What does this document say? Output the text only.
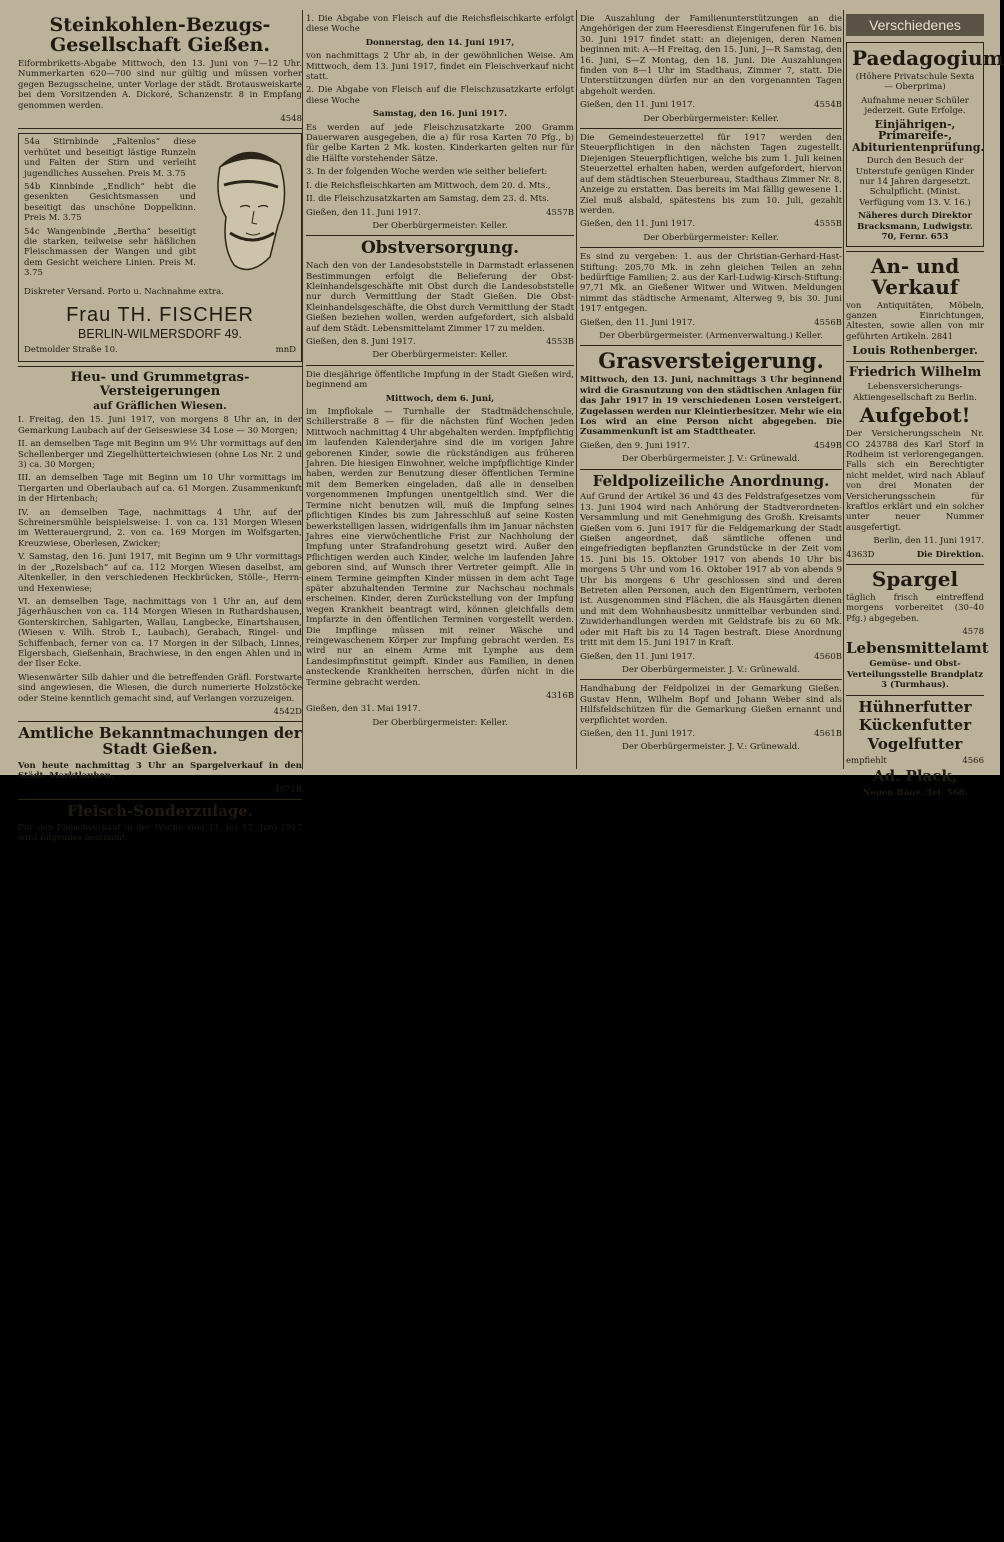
Steinkohlen-Bezugs-Gesellschaft Gießen.

Eiformbriketts-Abgabe Mittwoch, den 13. Juni von 7—12 Uhr. Nummerkarten 620—700 sind nur gültig und müssen vorher gegen Bezugsscheine, unter Vorlage der städt. Brotausweiskarte bei dem Vorsitzenden A. Dickoré, Schanzenstr. 8 in Empfang genommen werden.

4548

54a Stirnbinde „Faltenlos“ diese verhütet und beseitigt lästige Runzeln und Falten der Stirn und verleiht jugendliches Aussehen. Preis M. 3.75

54b Kinnbinde „Endlich“ hebt die gesenkten Gesichtsmassen und beseitigt das unschöne Doppelkinn. Preis M. 3.75

54c Wangenbinde „Bertha“ beseitigt die starken, teilweise sehr häßlichen Fleischmassen der Wangen und gibt dem Gesicht weichere Linien. Preis M. 3.75

Diskreter Versand. Porto u. Nachnahme extra.

Frau TH. FISCHER
BERLIN-WILMERSDORF 49.
Detmolder Straße 10.	mnD
Heu- und Grummetgras-Versteigerungen
auf Gräflichen Wiesen.

I. Freitag, den 15. Juni 1917, von morgens 8 Uhr an, in der Gemarkung Laubach auf der Geiseswiese 34 Lose — 30 Morgen;

II. an demselben Tage mit Beginn um 9½ Uhr vormittags auf den Schellenberger und Ziegelhütterteichwiesen (ohne Los Nr. 2 und 3) ca. 30 Morgen;

III. an demselben Tage mit Beginn um 10 Uhr vormittags im Tiergarten und Oberlaubach auf ca. 61 Morgen. Zusammenkunft in der Hirtenbach;

IV. an demselben Tage, nachmittags 4 Uhr, auf der Schreinersmühle beispielsweise: 1. von ca. 131 Morgen Wiesen im Wetterauergrund, 2. von ca. 169 Morgen im Wolfsgarten, Kreuzwiese, Oberlesen, Zwicker;

V. Samstag, den 16. Juni 1917, mit Beginn um 9 Uhr vormittags in der „Rozelsbach“ auf ca. 112 Morgen Wiesen daselbst, am Altenkeller, in den verschiedenen Heckbrücken, Stölle-, Herrn- und Hexenwiese;

VI. an demselben Tage, nachmittags von 1 Uhr an, auf dem Jägerhäuschen von ca. 114 Morgen Wiesen in Ruthardshausen, Gonterskirchen, Sahlgarten, Wallau, Langbecke, Einartshausen, (Wiesen v. Wilh. Strob I., Laubach), Gerabach, Ringel- und Schiffenbach, ferner von ca. 17 Morgen in der Silbach, Linnes, Elgersbach, Gießenhain, Brachwiese, in den engen Ahlen und in der Ilser Ecke.

Wiesenwärter Silb dahier und die betreffenden Gräfl. Forstwarte sind angewiesen, die Wiesen, die durch numerierte Holzstöcke oder Steine kenntlich gemacht sind, auf Verlangen vorzuzeigen.

4542D
Amtliche Bekanntmachungen der Stadt Gießen.

Von heute nachmittag 3 Uhr an Spargelverkauf in den Städt. Marktlauben.

4571B
Fleisch-Sonderzulage.

Für den Fleischverkauf in der Woche vom 11. bis 17. Juni 1917 wird folgendes bestimmt:

1. Die Abgabe von Fleisch auf die Reichsfleischkarte erfolgt diese Woche

Donnerstag, den 14. Juni 1917,

von nachmittags 2 Uhr ab, in der gewöhnlichen Weise. Am Mittwoch, dem 13. Juni 1917, findet ein Fleischverkauf nicht statt.

2. Die Abgabe von Fleisch auf die Fleischzusatzkarte erfolgt diese Woche

Samstag, den 16. Juni 1917.

Es werden auf jede Fleischzusatzkarte 200 Gramm Dauerwaren ausgegeben, die a) für rosa Karten 70 Pfg., b) für gelbe Karten 2 Mk. kosten. Kinderkarten gelten nur für die Hälfte vorstehender Sätze.

3. In der folgenden Woche werden wie seither beliefert:

I. die Reichsfleischkarten am Mittwoch, dem 20. d. Mts.,

II. die Fleischzusatzkarten am Samstag, dem 23. d. Mts.

Gießen, den 11. Juni 1917.	4557B
Der Oberbürgermeister: Keller.
Obstversorgung.

Nach den von der Landesobststelle in Darmstadt erlassenen Bestimmungen erfolgt die Belieferung der Obst-Kleinhandelsgeschäfte mit Obst durch die Landesobststelle nur durch Vermittlung der Stadt Gießen. Die Obst-Kleinhandelsgeschäfte, die Obst durch Vermittlung der Stadt Gießen beziehen wollen, werden aufgefordert, sich alsbald auf dem Städt. Lebensmittelamt Zimmer 17 zu melden.

Gießen, den 8. Juni 1917.	4553B
Der Oberbürgermeister: Keller.

Die diesjährige öffentliche Impfung in der Stadt Gießen wird, beginnend am

Mittwoch, dem 6. Juni,

im Impflokale — Turnhalle der Stadtmädchenschule, Schillerstraße 8 — für die nächsten fünf Wochen jeden Mittwoch nachmittag 4 Uhr abgehalten werden. Impfpflichtig im laufenden Kalenderjahre sind die im vorigen Jahre geborenen Kinder, sowie die rückständigen aus früheren Jahren. Die hiesigen Einwohner, welche impfpflichtige Kinder haben, werden zur Benutzung dieser öffentlichen Termine mit dem Bemerken eingeladen, daß alle in denselben vorgenommenen Impfungen unentgeltlich sind. Wer die Termine nicht benutzen will, muß die Impfung seines pflichtigen Kindes bis zum Jahresschluß auf seine Kosten bewerkstelligen lassen, widrigenfalls ihm im Januar nächsten Jahres eine vierwöchentliche Frist zur Nachholung der Impfung unter Strafandrohung gesetzt wird. Außer den Pflichtigen werden auch Kinder, welche im laufenden Jahre geboren sind, auf Wunsch ihrer Vertreter geimpft. Alle in einem Termine geimpften Kinder müssen in dem acht Tage später abzuhaltenden Termine zur Nachschau nochmals erscheinen. Kinder, deren Zurückstellung von der Impfung wegen Krankheit beantragt wird, können gleichfalls dem Impfarzte in den öffentlichen Terminen vorgestellt werden. Die Impflinge müssen mit reiner Wäsche und reingewaschenem Körper zur Impfung gebracht werden. Es wird nur an einem Arme mit Lymphe aus dem Landesimpfinstitut geimpft. Kinder aus Familien, in denen ansteckende Krankheiten herrschen, dürfen nicht in die Termine gebracht werden.

4316B
Gießen, den 31. Mai 1917.
Der Oberbürgermeister: Keller.

Die Auszahlung der Familienunterstützungen an die Angehörigen der zum Heeresdienst Eingerufenen für 16. bis 30. Juni 1917 findet statt: an diejenigen, deren Namen beginnen mit: A—H Freitag, den 15. Juni, J—R Samstag, den 16. Juni, S—Z Montag, den 18. Juni. Die Auszahlungen finden von 8—1 Uhr im Stadthaus, Zimmer 7, statt. Die Unterstützungen dürfen nur an den vorgenannten Tagen abgeholt werden.

Gießen, den 11. Juni 1917.	4554B
Der Oberbürgermeister: Keller.

Die Gemeindesteuerzettel für 1917 werden den Steuerpflichtigen in den nächsten Tagen zugestellt. Diejenigen Steuerpflichtigen, welche bis zum 1. Juli keinen Steuerzettel erhalten haben, werden aufgefordert, hiervon auf dem städtischen Steuerbureau, Stadthaus Zimmer Nr. 8, Anzeige zu erstatten. Das bereits im Mai fällig gewesene 1. Ziel muß alsbald, spätestens bis zum 10. Juli, gezahlt werden.

Gießen, den 11. Juni 1917.	4555B
Der Oberbürgermeister: Keller.

Es sind zu vergeben: 1. aus der Christian-Gerhard-Hast-Stiftung: 205,70 Mk. in zehn gleichen Teilen an zehn bedürftige Familien; 2. aus der Karl-Ludwig-Kirsch-Stiftung: 97,71 Mk. an Gießener Witwer und Witwen. Meldungen nimmt das städtische Armenamt, Alterweg 9, bis 30. Juni 1917 entgegen.

Gießen, den 11. Juni 1917.	4556B
Der Oberbürgermeister. (Armenverwaltung.) Keller.
Grasversteigerung.

Mittwoch, den 13. Juni, nachmittags 3 Uhr beginnend wird die Grasnutzung von den städtischen Anlagen für das Jahr 1917 in 19 verschiedenen Losen versteigert. Zugelassen werden nur Kleintierbesitzer. Mehr wie ein Los wird an eine Person nicht abgegeben. Die Zusammenkunft ist am Stadttheater.

Gießen, den 9. Juni 1917.	4549B
Der Oberbürgermeister. J. V.: Grünewald.
Feldpolizeiliche Anordnung.

Auf Grund der Artikel 36 und 43 des Feldstrafgesetzes vom 13. Juni 1904 wird nach Anhörung der Stadtverordneten-Versammlung und mit Genehmigung des Großh. Kreisamts Gießen vom 6. Juni 1917 für die Feldgemarkung der Stadt Gießen angeordnet, daß sämtliche offenen und eingefriedigten bepflanzten Grundstücke in der Zeit vom 15. Juni bis 15. Oktober 1917 von abends 10 Uhr bis morgens 5 Uhr und vom 16. Oktober 1917 ab von abends 9 Uhr bis morgens 6 Uhr geschlossen sind und deren Betreten allen Personen, auch den Eigentümern, verboten ist. Ausgenommen sind Flächen, die als Hausgärten dienen und mit dem Wohnhausbesitz unmittelbar verbunden sind. Zuwiderhandlungen werden mit Geldstrafe bis zu 60 Mk. oder mit Haft bis zu 14 Tagen bestraft. Diese Anordnung tritt mit dem 15. Juni 1917 in Kraft.

Gießen, den 11. Juni 1917.	4560B
Der Oberbürgermeister. J. V.: Grünewald.

Handhabung der Feldpolizei in der Gemarkung Gießen. Gustav Henn, Wilhelm Bopf und Johann Weber sind als Hilfsfeldschützen für die Gemarkung Gießen ernannt und verpflichtet worden.

Gießen, den 11. Juni 1917.	4561B
Der Oberbürgermeister. J. V.: Grünewald.
Verschiedenes
Paedagogium
(Höhere Privatschule Sexta — Oberprima)
Aufnahme neuer Schüler jederzeit. Gute Erfolge.
Einjährigen-, Primareife-, Abiturientenprüfung.
Durch den Besuch der Unterstufe genügen Kinder nur 14 Jahren dargesetzt. Schulpflicht. (Minist. Verfügung vom 13. V. 16.)
Näheres durch Direktor Bracksmann, Ludwigstr. 70, Fernr. 653
An- und Verkauf

von Antiquitäten, Möbeln, ganzen Einrichtungen, Altesten, sowie allen von mir geführten Artikeln. 2841

Louis Rothenberger.
Friedrich Wilhelm
Lebensversicherungs-Aktiengesellschaft zu Berlin.
Aufgebot!

Der Versicherungsschein Nr. CO 243788 des Karl Storf in Rodheim ist verlorengegangen. Falls sich ein Berechtigter nicht meldet, wird nach Ablauf von drei Monaten der Versicherungsschein für kraftlos erklärt und ein solcher unter neuer Nummer ausgefertigt.

Berlin, den 11. Juni 1917.
4363D	Die Direktion.
Spargel

täglich frisch eintreffend morgens vorbereitet (30–40 Pfg.) abgegeben.

4578
Lebensmittelamt
Gemüse- und Obst-Verteilungsstelle Brandplatz 3 (Turmhaus).
Hühnerfutter
Kückenfutter
Vogelfutter
empfiehlt	4566
Ad. Plack,
Neuen Bäue. Tel. 568.
